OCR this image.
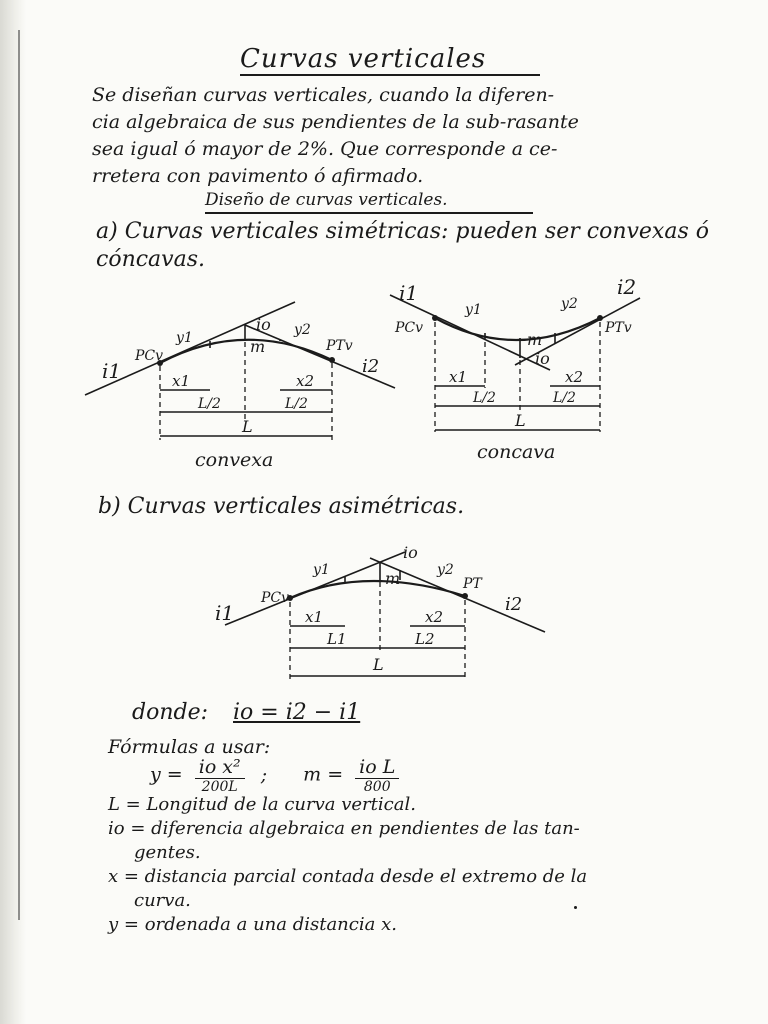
Curvas verticales
Se diseñan curvas verticales, cuando la diferen-
cia algebraica de sus pendientes de la sub-rasante
sea igual ó mayor de 2%. Que corresponde a ce-
rretera con pavimento ó afirmado.
Diseño de curvas verticales.
a) Curvas verticales simétricas: pueden ser convexas ó cóncavas.
i1
PCv
y1
io y2
m	PTv
i2
x1	x2
L/2	L/2
L
convexa
i1
PCv
y1
m
io
y2
PTv
i2
x1	x2
L/2	L/2
L
concava
b) Curvas verticales asimétricas.
i1
PCv
y1	m
io
y2
PT
i2
x1	x2
L1	L2
L
donde: io = i2 − i1
Fórmulas a usar:
$y = \frac{\text{io x²}}{200L}$ ; $m = \frac{\text{io L}}{800}$
L = Longitud de la curva vertical.
io = diferencia algebraica en pendientes de las tan-
gentes.
x = distancia parcial contada desde el extremo de la
curva.
y = ordenada a una distancia x.
